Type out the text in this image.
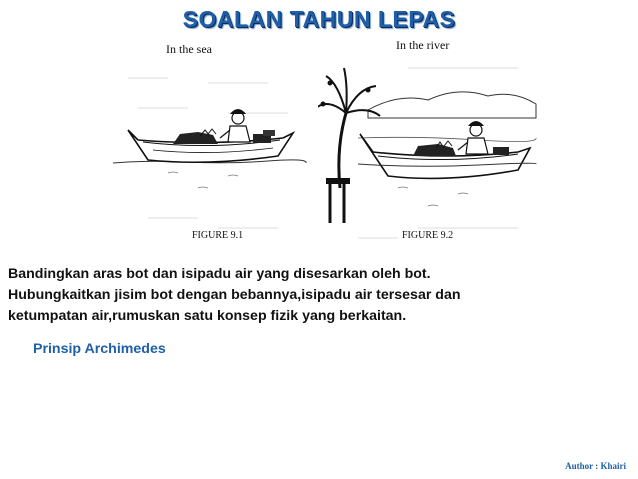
SOALAN TAHUN LEPAS
In the sea
FIGURE 9.1
In the river
FIGURE 9.2
Bandingkan aras bot dan isipadu air yang disesarkan oleh bot.
Hubungkaitkan jisim bot dengan bebannya,isipadu air tersesar dan
ketumpatan air,rumuskan satu konsep fizik yang berkaitan.
Prinsip Archimedes
Author : Khairi
